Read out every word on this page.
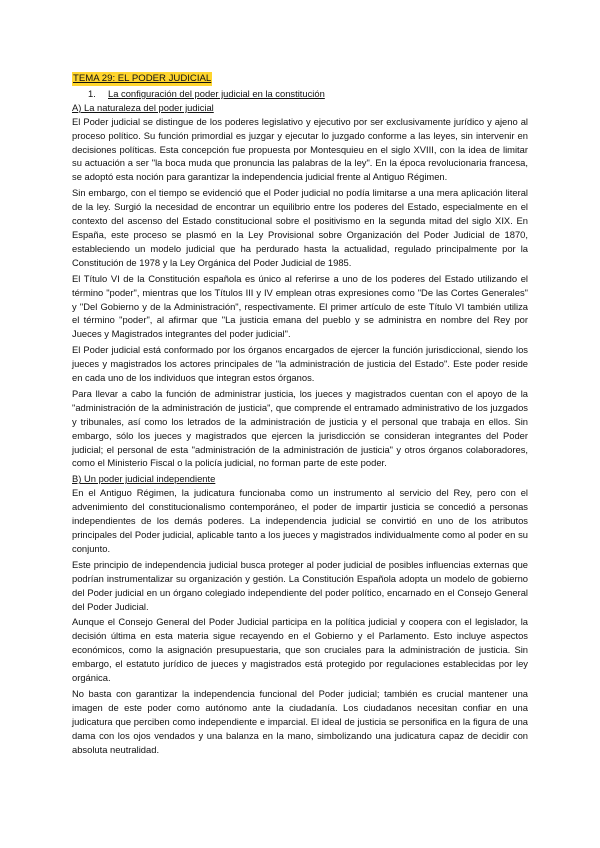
TEMA 29: EL PODER JUDICIAL
1. La configuración del poder judicial en la constitución
A) La naturaleza del poder judicial

El Poder judicial se distingue de los poderes legislativo y ejecutivo por ser exclusivamente jurídico y ajeno al proceso político. Su función primordial es juzgar y ejecutar lo juzgado conforme a las leyes, sin intervenir en decisiones políticas. Esta concepción fue propuesta por Montesquieu en el siglo XVIII, con la idea de limitar su actuación a ser "la boca muda que pronuncia las palabras de la ley". En la época revolucionaria francesa, se adoptó esta noción para garantizar la independencia judicial frente al Antiguo Régimen.

Sin embargo, con el tiempo se evidenció que el Poder judicial no podía limitarse a una mera aplicación literal de la ley. Surgió la necesidad de encontrar un equilibrio entre los poderes del Estado, especialmente en el contexto del ascenso del Estado constitucional sobre el positivismo en la segunda mitad del siglo XIX. En España, este proceso se plasmó en la Ley Provisional sobre Organización del Poder Judicial de 1870, estableciendo un modelo judicial que ha perdurado hasta la actualidad, regulado principalmente por la Constitución de 1978 y la Ley Orgánica del Poder Judicial de 1985.

El Título VI de la Constitución española es único al referirse a uno de los poderes del Estado utilizando el término "poder", mientras que los Títulos III y IV emplean otras expresiones como "De las Cortes Generales" y "Del Gobierno y de la Administración", respectivamente. El primer artículo de este Título VI también utiliza el término "poder", al afirmar que "La justicia emana del pueblo y se administra en nombre del Rey por Jueces y Magistrados integrantes del poder judicial".

El Poder judicial está conformado por los órganos encargados de ejercer la función jurisdiccional, siendo los jueces y magistrados los actores principales de "la administración de justicia del Estado". Este poder reside en cada uno de los individuos que integran estos órganos.

Para llevar a cabo la función de administrar justicia, los jueces y magistrados cuentan con el apoyo de la "administración de la administración de justicia", que comprende el entramado administrativo de los juzgados y tribunales, así como los letrados de la administración de justicia y el personal que trabaja en ellos. Sin embargo, sólo los jueces y magistrados que ejercen la jurisdicción se consideran integrantes del Poder judicial; el personal de esta "administración de la administración de justicia" y otros órganos colaboradores, como el Ministerio Fiscal o la policía judicial, no forman parte de este poder.

B) Un poder judicial independiente

En el Antiguo Régimen, la judicatura funcionaba como un instrumento al servicio del Rey, pero con el advenimiento del constitucionalismo contemporáneo, el poder de impartir justicia se concedió a personas independientes de los demás poderes. La independencia judicial se convirtió en uno de los atributos principales del Poder judicial, aplicable tanto a los jueces y magistrados individualmente como al poder en su conjunto.

Este principio de independencia judicial busca proteger al poder judicial de posibles influencias externas que podrían instrumentalizar su organización y gestión. La Constitución Española adopta un modelo de gobierno del Poder judicial en un órgano colegiado independiente del poder político, encarnado en el Consejo General del Poder Judicial.

Aunque el Consejo General del Poder Judicial participa en la política judicial y coopera con el legislador, la decisión última en esta materia sigue recayendo en el Gobierno y el Parlamento. Esto incluye aspectos económicos, como la asignación presupuestaria, que son cruciales para la administración de justicia. Sin embargo, el estatuto jurídico de jueces y magistrados está protegido por regulaciones establecidas por ley orgánica.

No basta con garantizar la independencia funcional del Poder judicial; también es crucial mantener una imagen de este poder como autónomo ante la ciudadanía. Los ciudadanos necesitan confiar en una judicatura que perciben como independiente e imparcial. El ideal de justicia se personifica en la figura de una dama con los ojos vendados y una balanza en la mano, simbolizando una judicatura capaz de decidir con absoluta neutralidad.
